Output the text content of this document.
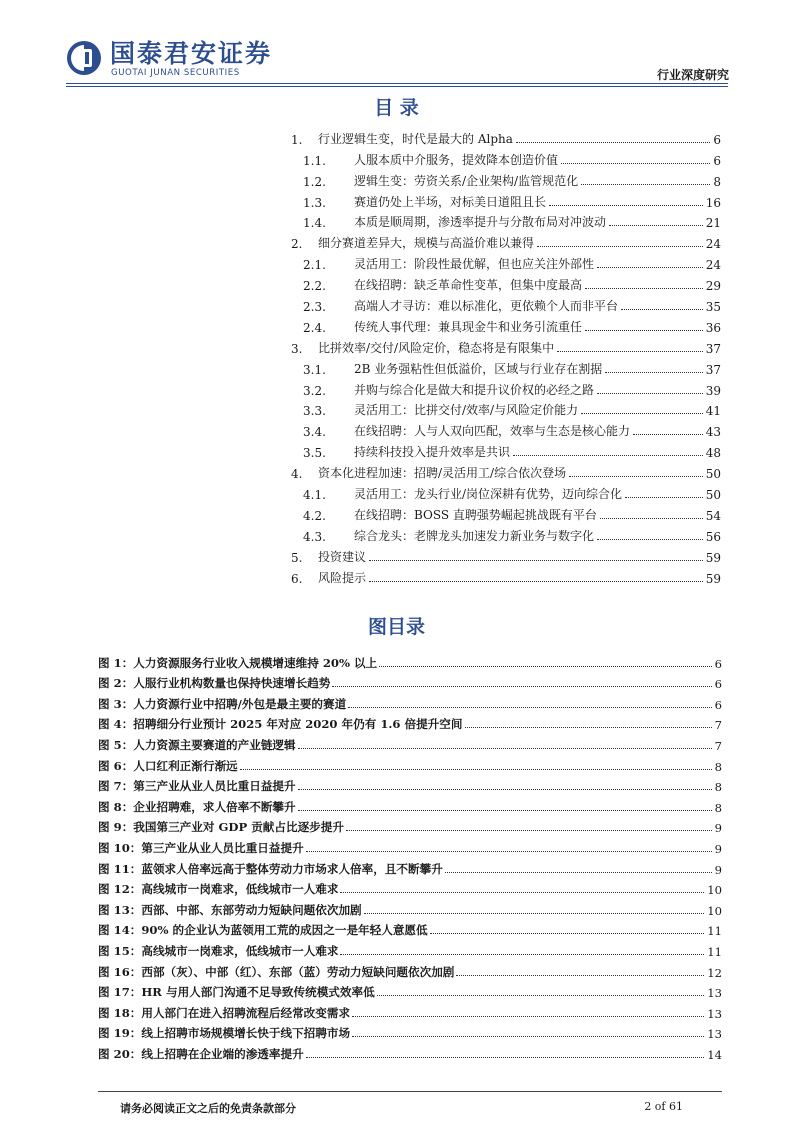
国泰君安证券
GUOTAI JUNAN SECURITIES	行业深度研究
目 录
1.	行业逻辑生变，时代是最大的 Alpha	6
1.1.	人服本质中介服务，提效降本创造价值	6
1.2.	逻辑生变：劳资关系/企业架构/监管规范化	8
1.3.	赛道仍处上半场，对标美日道阻且长	16
1.4.	本质是顺周期，渗透率提升与分散布局对冲波动	21
2.	细分赛道差异大，规模与高溢价难以兼得	24
2.1.	灵活用工：阶段性最优解，但也应关注外部性	24
2.2.	在线招聘：缺乏革命性变革，但集中度最高	29
2.3.	高端人才寻访：难以标准化，更依赖个人而非平台	35
2.4.	传统人事代理：兼具现金牛和业务引流重任	36
3.	比拼效率/交付/风险定价，稳态将是有限集中	37
3.1.	2B 业务强粘性但低溢价，区域与行业存在割据	37
3.2.	并购与综合化是做大和提升议价权的必经之路	39
3.3.	灵活用工：比拼交付/效率/与风险定价能力	41
3.4.	在线招聘：人与人双向匹配，效率与生态是核心能力	43
3.5.	持续科技投入提升效率是共识	48
4.	资本化进程加速：招聘/灵活用工/综合依次登场	50
4.1.	灵活用工：龙头行业/岗位深耕有优势，迈向综合化	50
4.2.	在线招聘：BOSS 直聘强势崛起挑战既有平台	54
4.3.	综合龙头：老牌龙头加速发力新业务与数字化	56
5.	投资建议	59
6.	风险提示	59
图目录
图 1：人力资源服务行业收入规模增速维持 20% 以上	6
图 2：人服行业机构数量也保持快速增长趋势	6
图 3：人力资源行业中招聘/外包是最主要的赛道	6
图 4：招聘细分行业预计 2025 年对应 2020 年仍有 1.6 倍提升空间	7
图 5：人力资源主要赛道的产业链逻辑	7
图 6：人口红利正渐行渐远	8
图 7：第三产业从业人员比重日益提升	8
图 8：企业招聘难，求人倍率不断攀升	8
图 9：我国第三产业对 GDP 贡献占比逐步提升	9
图 10：第三产业从业人员比重日益提升	9
图 11：蓝领求人倍率远高于整体劳动力市场求人倍率，且不断攀升	9
图 12：高线城市一岗难求，低线城市一人难求	10
图 13：西部、中部、东部劳动力短缺问题依次加剧	10
图 14：90% 的企业认为蓝领用工荒的成因之一是年轻人意愿低	11
图 15：高线城市一岗难求，低线城市一人难求	11
图 16：西部（灰）、中部（红）、东部（蓝）劳动力短缺问题依次加剧	12
图 17：HR 与用人部门沟通不足导致传统模式效率低	13
图 18：用人部门在进入招聘流程后经常改变需求	13
图 19：线上招聘市场规模增长快于线下招聘市场	13
图 20：线上招聘在企业端的渗透率提升	14
请务必阅读正文之后的免责条款部分	2 of 61
